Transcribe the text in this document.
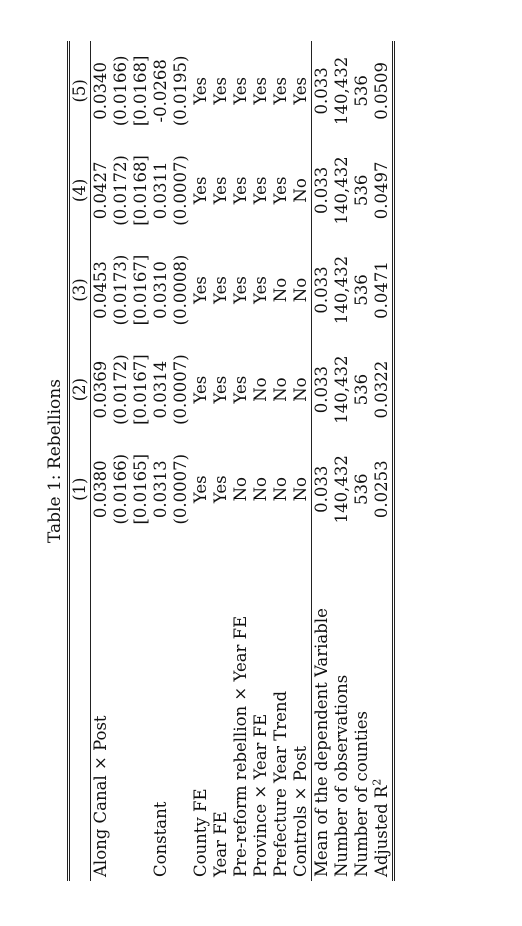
Table 1: Rebellions
	(1)	(2)	(3)	(4)	(5)
Along Canal × Post	0.0380	0.0369	0.0453	0.0427	0.0340
	(0.0166)	(0.0172)	(0.0173)	(0.0172)	(0.0166)
	[0.0165]	[0.0167]	[0.0167]	[0.0168]	[0.0168]
Constant	0.0313	0.0314	0.0310	0.0311	-0.0268
	(0.0007)	(0.0007)	(0.0008)	(0.0007)	(0.0195)
County FE	Yes	Yes	Yes	Yes	Yes
Year FE	Yes	Yes	Yes	Yes	Yes
Pre-reform rebellion × Year FE	No	Yes	Yes	Yes	Yes
Province × Year FE	No	No	Yes	Yes	Yes
Prefecture Year Trend	No	No	No	Yes	Yes
Controls × Post	No	No	No	No	Yes
Mean of the dependent Variable	0.033	0.033	0.033	0.033	0.033
Number of observations	140,432	140,432	140,432	140,432	140,432
Number of counties	536	536	536	536	536
Adjusted $R^2$	0.0253	0.0322	0.0471	0.0497	0.0509
